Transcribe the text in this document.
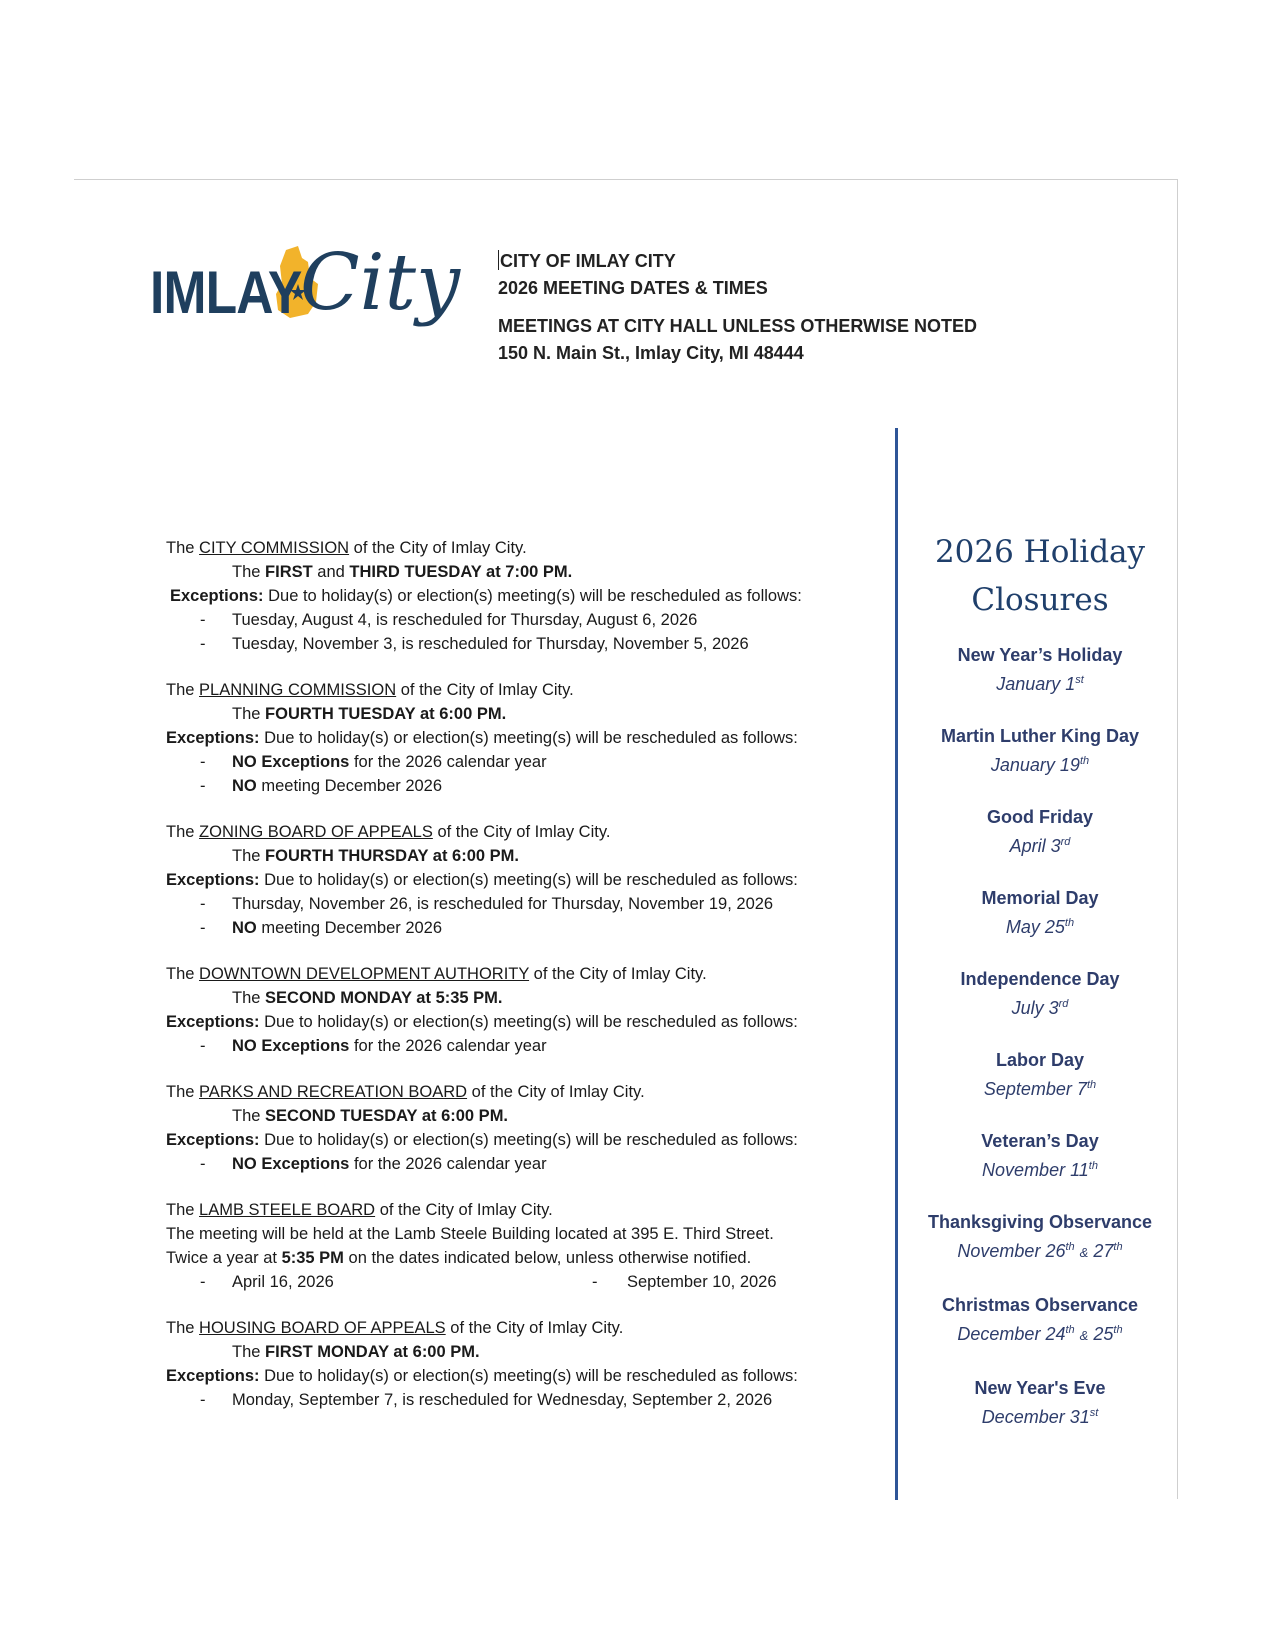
IMLAY
City CITY OF IMLAY CITY
2026 MEETING DATES & TIMES
MEETINGS AT CITY HALL UNLESS OTHERWISE NOTED
150 N. Main St., Imlay City, MI 48444
The CITY COMMISSION of the City of Imlay City.
The FIRST and THIRD TUESDAY at 7:00 PM.
Exceptions: Due to holiday(s) or election(s) meeting(s) will be rescheduled as follows:
- Tuesday, August 4, is rescheduled for Thursday, August 6, 2026
- Tuesday, November 3, is rescheduled for Thursday, November 5, 2026
The PLANNING COMMISSION of the City of Imlay City.
The FOURTH TUESDAY at 6:00 PM.
Exceptions: Due to holiday(s) or election(s) meeting(s) will be rescheduled as follows:
- NO Exceptions for the 2026 calendar year
- NO meeting December 2026
The ZONING BOARD OF APPEALS of the City of Imlay City.
The FOURTH THURSDAY at 6:00 PM.
Exceptions: Due to holiday(s) or election(s) meeting(s) will be rescheduled as follows:
- Thursday, November 26, is rescheduled for Thursday, November 19, 2026
- NO meeting December 2026
The DOWNTOWN DEVELOPMENT AUTHORITY of the City of Imlay City.
The SECOND MONDAY at 5:35 PM.
Exceptions: Due to holiday(s) or election(s) meeting(s) will be rescheduled as follows:
- NO Exceptions for the 2026 calendar year
The PARKS AND RECREATION BOARD of the City of Imlay City.
The SECOND TUESDAY at 6:00 PM.
Exceptions: Due to holiday(s) or election(s) meeting(s) will be rescheduled as follows:
- NO Exceptions for the 2026 calendar year
The LAMB STEELE BOARD of the City of Imlay City.
The meeting will be held at the Lamb Steele Building located at 395 E. Third Street.
Twice a year at 5:35 PM on the dates indicated below, unless otherwise notified.
- April 16, 2026	- September 10, 2026
The HOUSING BOARD OF APPEALS of the City of Imlay City.
The FIRST MONDAY at 6:00 PM.
Exceptions: Due to holiday(s) or election(s) meeting(s) will be rescheduled as follows:
- Monday, September 7, is rescheduled for Wednesday, September 2, 2026
2026 Holiday
Closures
New Year’s Holiday
January 1st
Martin Luther King Day
January 19th
Good Friday
April 3rd
Memorial Day
May 25th
Independence Day
July 3rd
Labor Day
September 7th
Veteran’s Day
November 11th
Thanksgiving Observance
November 26th & 27th
Christmas Observance
December 24th & 25th
New Year's Eve
December 31st
